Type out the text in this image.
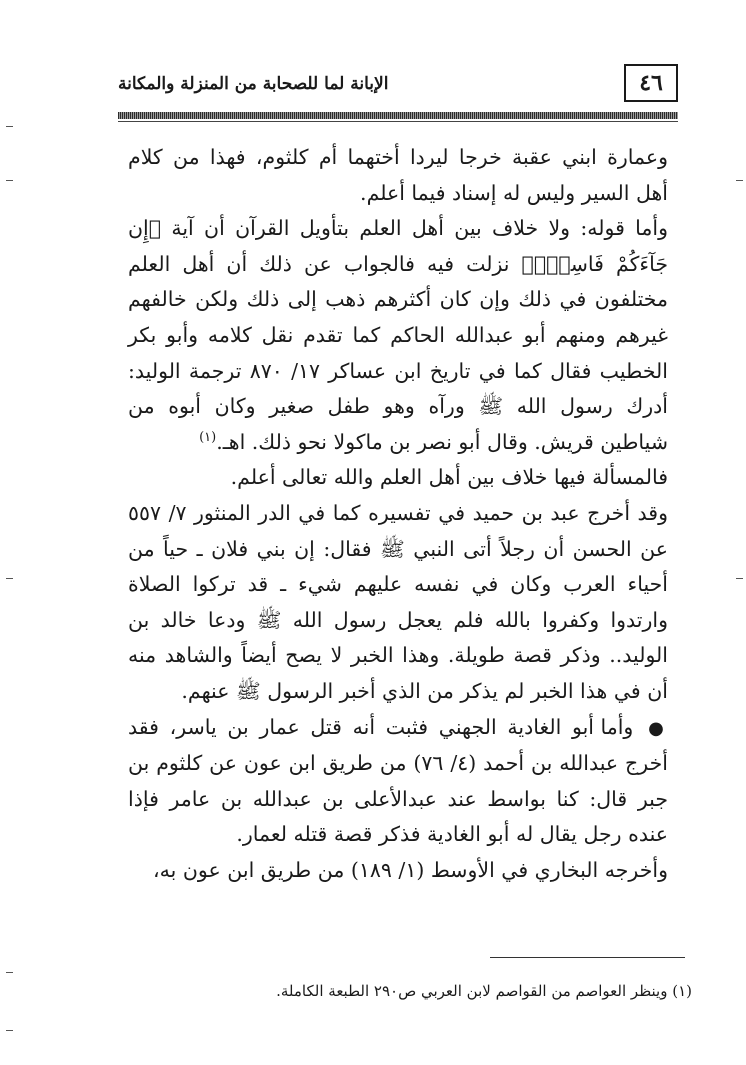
٤٦
الإبانة لما للصحابة من المنزلة والمكانة

وعمارة ابني عقبة خرجا ليردا أختهما أم كلثوم، فهذا من كلام أهل السير وليس له إسناد فيما أعلم.

وأما قوله: ولا خلاف بين أهل العلم بتأويل القرآن أن آية ﴿إِن جَآءَكُمْ فَاسِقٌۢ﴾ نزلت فيه فالجواب عن ذلك أن أهل العلم مختلفون في ذلك وإن كان أكثرهم ذهب إلى ذلك ولكن خالفهم غيرهم ومنهم أبو عبدالله الحاكم كما تقدم نقل كلامه وأبو بكر الخطيب فقال كما في تاريخ ابن عساكر ١٧/ ٨٧٠ ترجمة الوليد: أدرك رسول الله ﷺ ورآه وهو طفل صغير وكان أبوه من شياطين قريش. وقال أبو نصر بن ماكولا نحو ذلك. اهـ.$^{(١)}$

فالمسألة فيها خلاف بين أهل العلم والله تعالى أعلم.

وقد أخرج عبد بن حميد في تفسيره كما في الدر المنثور ٧/ ٥٥٧ عن الحسن أن رجلاً أتى النبي ﷺ فقال: إن بني فلان ـ حياً من أحياء العرب وكان في نفسه عليهم شيء ـ قد تركوا الصلاة وارتدوا وكفروا بالله فلم يعجل رسول الله ﷺ ودعا خالد بن الوليد.. وذكر قصة طويلة. وهذا الخبر لا يصح أيضاً والشاهد منه أن في هذا الخبر لم يذكر من الذي أخبر الرسول ﷺ عنهم.

● وأما أبو الغادية الجهني فثبت أنه قتل عمار بن ياسر، فقد أخرج عبدالله بن أحمد (٤/ ٧٦) من طريق ابن عون عن كلثوم بن جبر قال: كنا بواسط عند عبدالأعلى بن عبدالله بن عامر فإذا عنده رجل يقال له أبو الغادية فذكر قصة قتله لعمار.

وأخرجه البخاري في الأوسط (١/ ١٨٩) من طريق ابن عون به،

(١) وينظر العواصم من القواصم لابن العربي ص٢٩٠ الطبعة الكاملة.
